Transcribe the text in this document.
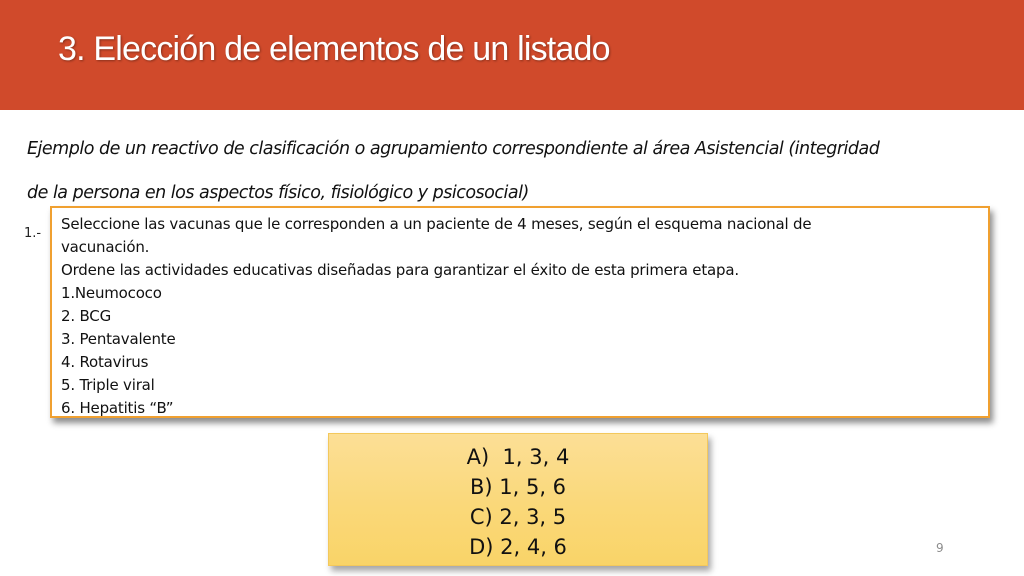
3. Elección de elementos de un listado
Ejemplo de un reactivo de clasificación o agrupamiento correspondiente al área Asistencial (integridad
de la persona en los aspectos físico, fisiológico y psicosocial)
1.-
Seleccione las vacunas que le corresponden a un paciente de 4 meses, según el esquema nacional de
vacunación.
Ordene las actividades educativas diseñadas para garantizar el éxito de esta primera etapa.
1.Neumococo
2. BCG
3. Pentavalente
4. Rotavirus
5. Triple viral
6. Hepatitis “B”
A)  1, 3, 4
B) 1, 5, 6
C) 2, 3, 5
D) 2, 4, 6	9
